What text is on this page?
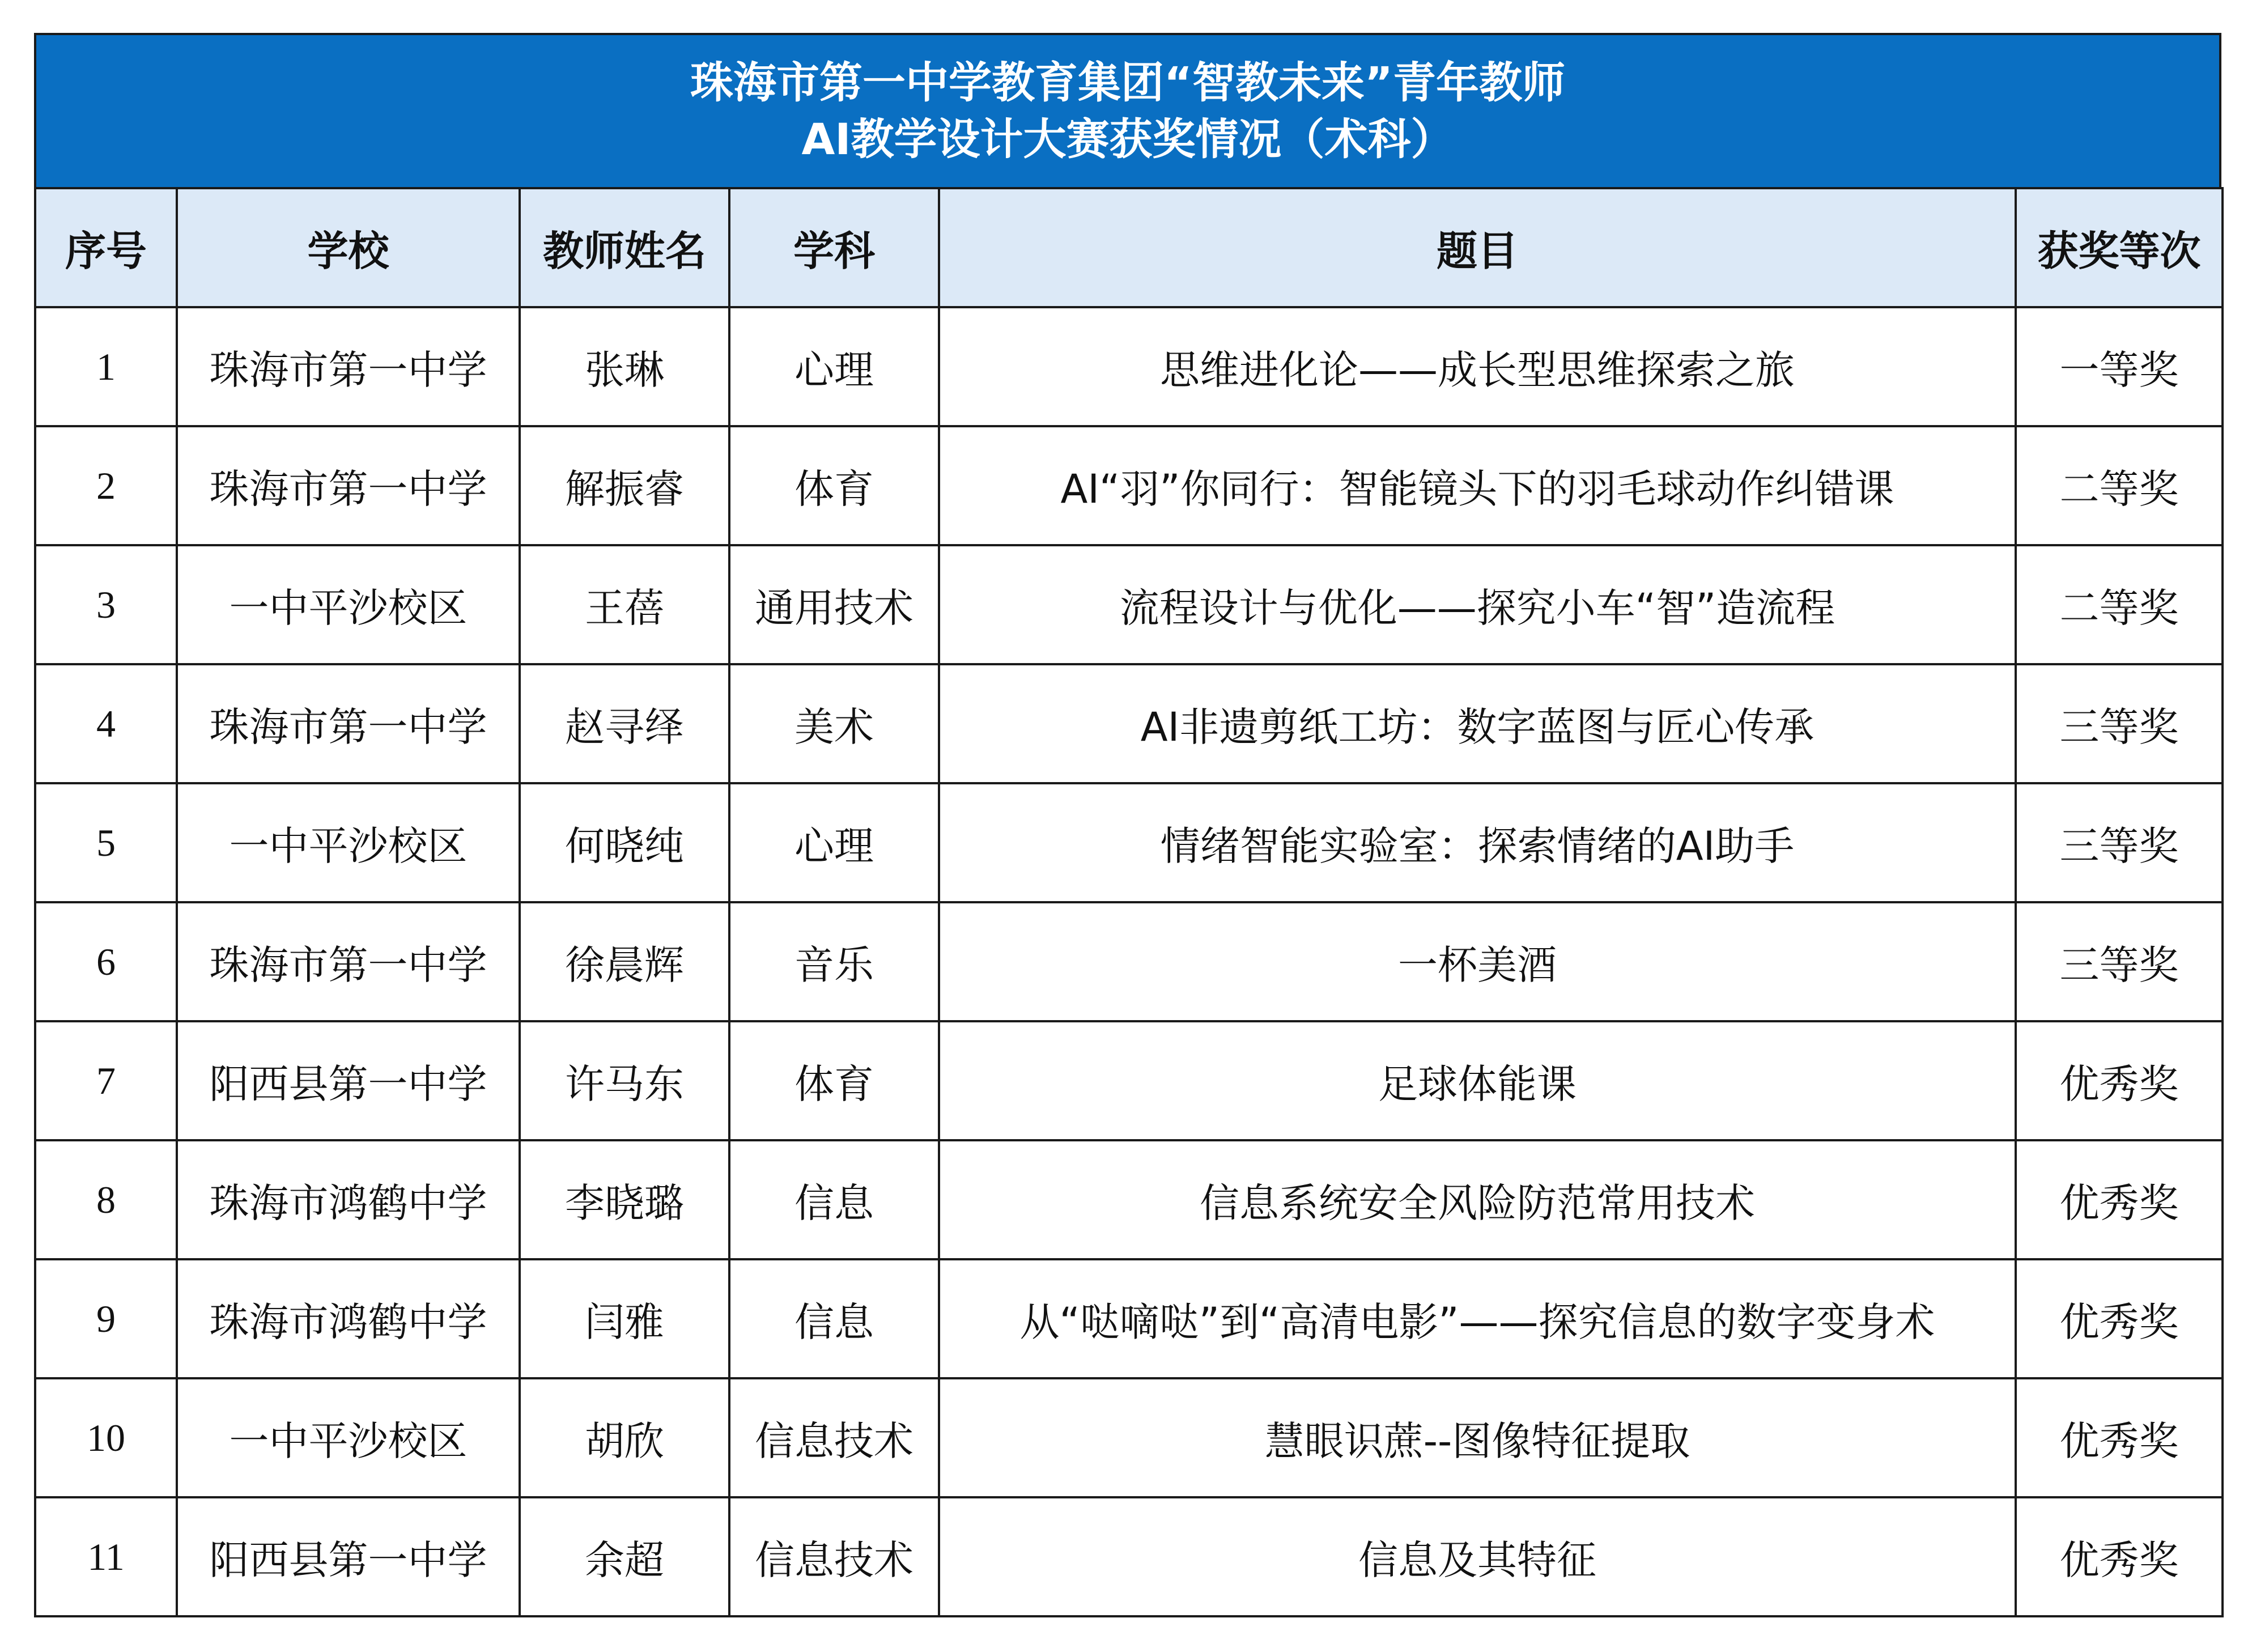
珠海市第一中学教育集团“智教未来”青年教师
AI教学设计大赛获奖情况（术科）
序号	学校	教师姓名	学科	题目	获奖等次
1	珠海市第一中学	张琳	心理	思维进化论——成长型思维探索之旅	一等奖
2	珠海市第一中学	解振睿	体育	AI“羽”你同行：智能镜头下的羽毛球动作纠错课	二等奖
3	一中平沙校区	王蓓	通用技术	流程设计与优化——探究小车“智”造流程	二等奖
4	珠海市第一中学	赵寻绎	美术	AI非遗剪纸工坊：数字蓝图与匠心传承	三等奖
5	一中平沙校区	何晓纯	心理	情绪智能实验室：探索情绪的AI助手	三等奖
6	珠海市第一中学	徐晨辉	音乐	一杯美酒	三等奖
7	阳西县第一中学	许马东	体育	足球体能课	优秀奖
8	珠海市鸿鹤中学	李晓璐	信息	信息系统安全风险防范常用技术	优秀奖
9	珠海市鸿鹤中学	闫雅	信息	从“哒嘀哒”到“高清电影”——探究信息的数字变身术	优秀奖
10	一中平沙校区	胡欣	信息技术	慧眼识蔗--图像特征提取	优秀奖
11	阳西县第一中学	余超	信息技术	信息及其特征	优秀奖
